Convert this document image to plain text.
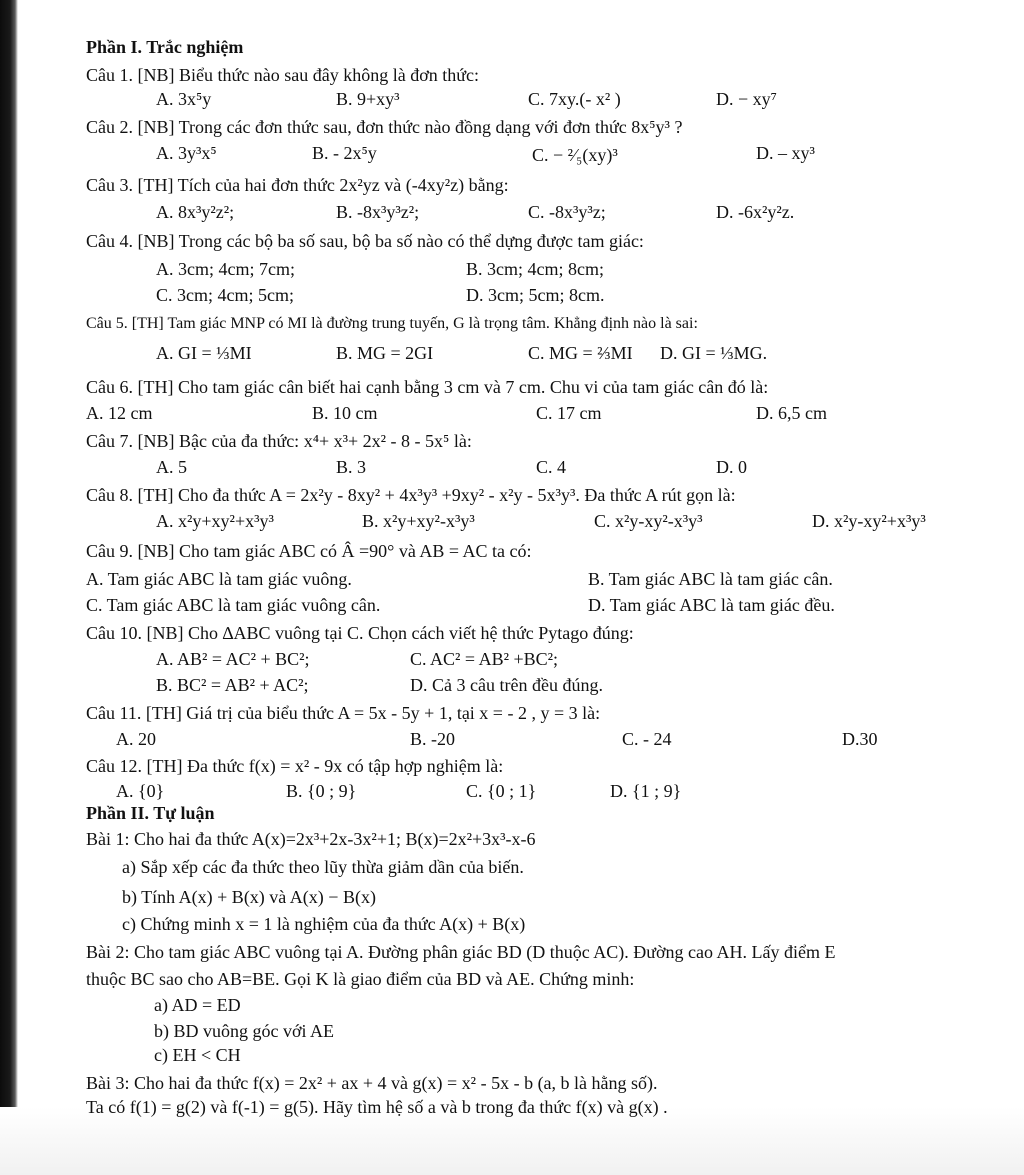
Phần I. Trắc nghiệm
Câu 1. [NB] Biểu thức nào sau đây không là đơn thức:
A. 3x⁵y	B. 9+xy³	C. 7xy.(- x² )	D. − xy⁷
Câu 2. [NB] Trong các đơn thức sau, đơn thức nào đồng dạng với đơn thức 8x⁵y³ ?
A. 3y³x⁵	B. - 2x⁵y	C. − ²⁄₅(xy)³	D. – xy³
Câu 3. [TH] Tích của hai đơn thức 2x²yz và (-4xy²z) bằng:
A. 8x³y²z²;	B. -8x³y³z²;	C. -8x³y³z;	D. -6x²y²z.
Câu 4. [NB] Trong các bộ ba số sau, bộ ba số nào có thể dựng được tam giác:
A. 3cm; 4cm; 7cm;	B. 3cm; 4cm; 8cm;
C. 3cm; 4cm; 5cm;	D. 3cm; 5cm; 8cm.
Câu 5. [TH] Tam giác MNP có MI là đường trung tuyến, G là trọng tâm. Khẳng định nào là sai:
A. GI = ⅓MI	B. MG = 2GI	C. MG = ⅔MI D. GI = ⅓MG.
Câu 6. [TH] Cho tam giác cân biết hai cạnh bằng 3 cm và 7 cm. Chu vi của tam giác cân đó là:
A. 12 cm	B. 10 cm	C. 17 cm	D. 6,5 cm
Câu 7. [NB] Bậc của đa thức: x⁴+ x³+ 2x² - 8 - 5x⁵ là:
A. 5	B. 3	C. 4	D. 0
Câu 8. [TH] Cho đa thức A = 2x²y - 8xy² + 4x³y³ +9xy² - x²y - 5x³y³. Đa thức A rút gọn là:
A. x²y+xy²+x³y³	B. x²y+xy²-x³y³	C. x²y-xy²-x³y³	D. x²y-xy²+x³y³
Câu 9. [NB] Cho tam giác ABC có Â =90° và AB = AC ta có:
A. Tam giác ABC là tam giác vuông.	B. Tam giác ABC là tam giác cân.
C. Tam giác ABC là tam giác vuông cân.	D. Tam giác ABC là tam giác đều.
Câu 10. [NB] Cho ∆ABC vuông tại C. Chọn cách viết hệ thức Pytago đúng:
A. AB² = AC² + BC²;	C. AC² = AB² +BC²;
B. BC² = AB² + AC²;	D. Cả 3 câu trên đều đúng.
Câu 11. [TH] Giá trị của biểu thức A = 5x - 5y + 1, tại x = - 2 , y = 3 là:
A. 20	B. -20	C. - 24	D.30
Câu 12. [TH] Đa thức f(x) = x² - 9x có tập hợp nghiệm là:
A. {0}	B. {0 ; 9}	C. {0 ; 1}	D. {1 ; 9}
Phần II. Tự luận
Bài 1: Cho hai đa thức A(x)=2x³+2x-3x²+1; B(x)=2x²+3x³-x-6
a) Sắp xếp các đa thức theo lũy thừa giảm dần của biến.
b) Tính A(x) + B(x) và A(x) − B(x)
c) Chứng minh x = 1 là nghiệm của đa thức A(x) + B(x)
Bài 2: Cho tam giác ABC vuông tại A. Đường phân giác BD (D thuộc AC). Đường cao AH. Lấy điểm E
thuộc BC sao cho AB=BE. Gọi K là giao điểm của BD và AE. Chứng minh:
a) AD = ED
b) BD vuông góc với AE
c) EH < CH
Bài 3: Cho hai đa thức f(x) = 2x² + ax + 4 và g(x) = x² - 5x - b (a, b là hằng số).
Ta có f(1) = g(2) và f(-1) = g(5). Hãy tìm hệ số a và b trong đa thức f(x) và g(x) .
